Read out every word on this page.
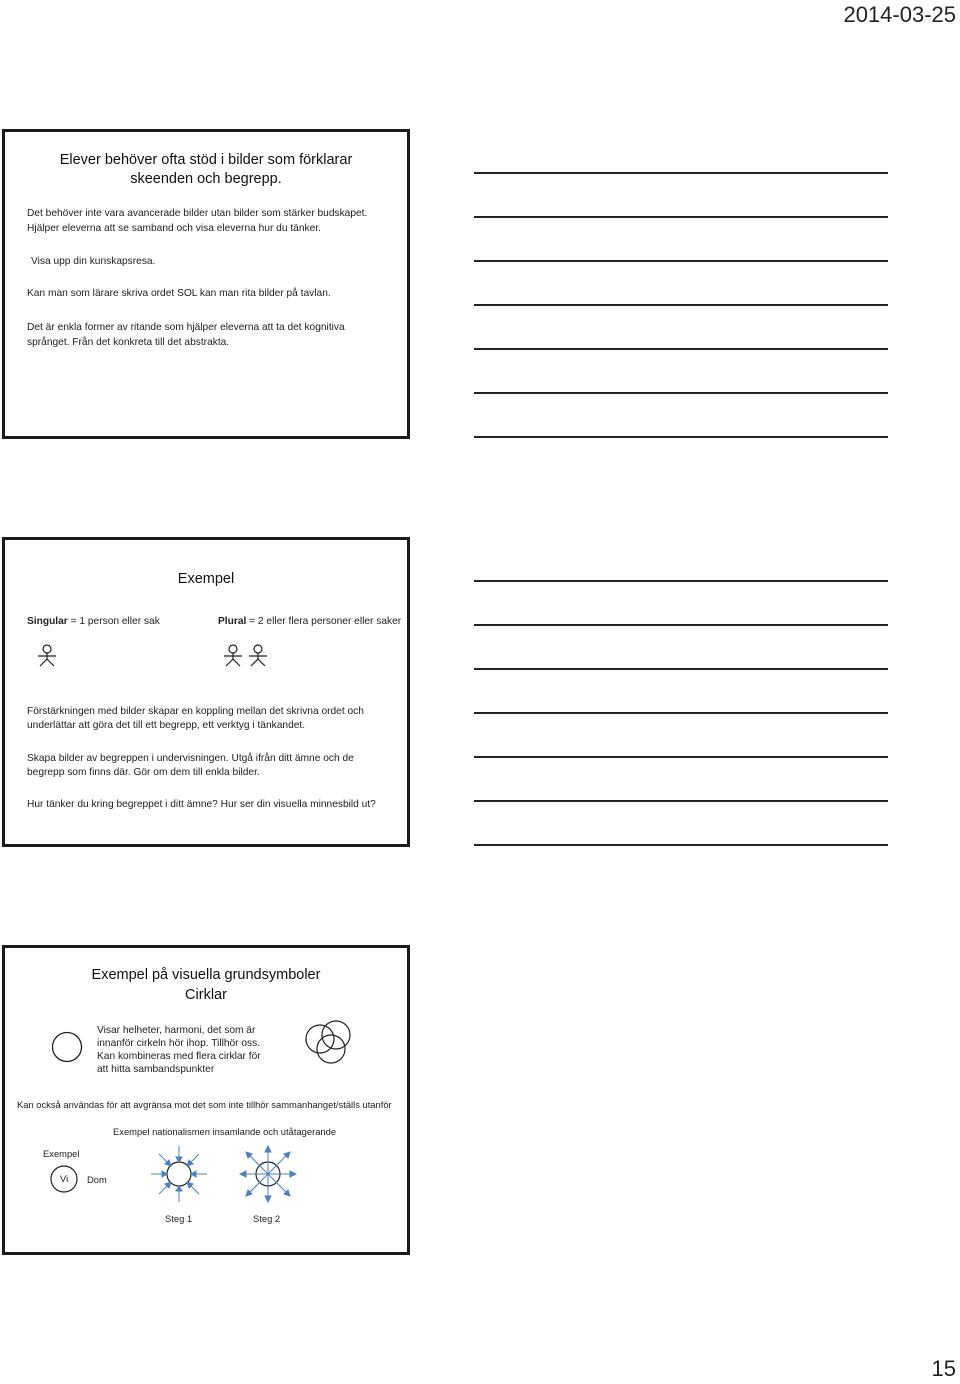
2014-03-25
Elever behöver ofta stöd i bilder som förklarar
skeenden och begrepp.
Det behöver inte vara avancerade bilder utan bilder som stärker budskapet.
Hjälper eleverna att se samband och visa eleverna hur du tänker.
Visa upp din kunskapsresa.
Kan man som lärare skriva ordet SOL kan man rita bilder på tavlan.
Det är enkla former av ritande som hjälper eleverna att ta det kognitiva
språnget. Från det konkreta till det abstrakta.
Exempel
Singular = 1 person eller sak	Plural = 2 eller flera personer eller saker
Förstärkningen med bilder skapar en koppling mellan det skrivna ordet och
underlättar att göra det till ett begrepp, ett verktyg i tänkandet.
Skapa bilder av begreppen i undervisningen. Utgå ifrån ditt ämne och de
begrepp som finns där. Gör om dem till enkla bilder.
Hur tänker du kring begreppet i ditt ämne? Hur ser din visuella minnesbild ut?
Exempel på visuella grundsymboler
Cirklar
Visar helheter, harmoni, det som är
innanför cirkeln hör ihop. Tillhör oss.
Kan kombineras med flera cirklar för
att hitta sambandspunkter
Kan också användas för att avgränsa mot det som inte tillhör sammanhanget/ställs utanför
Exempel nationalismen insamlande och utåtagerande
Exempel
Vi Dom
Steg 1	Steg 2
15
